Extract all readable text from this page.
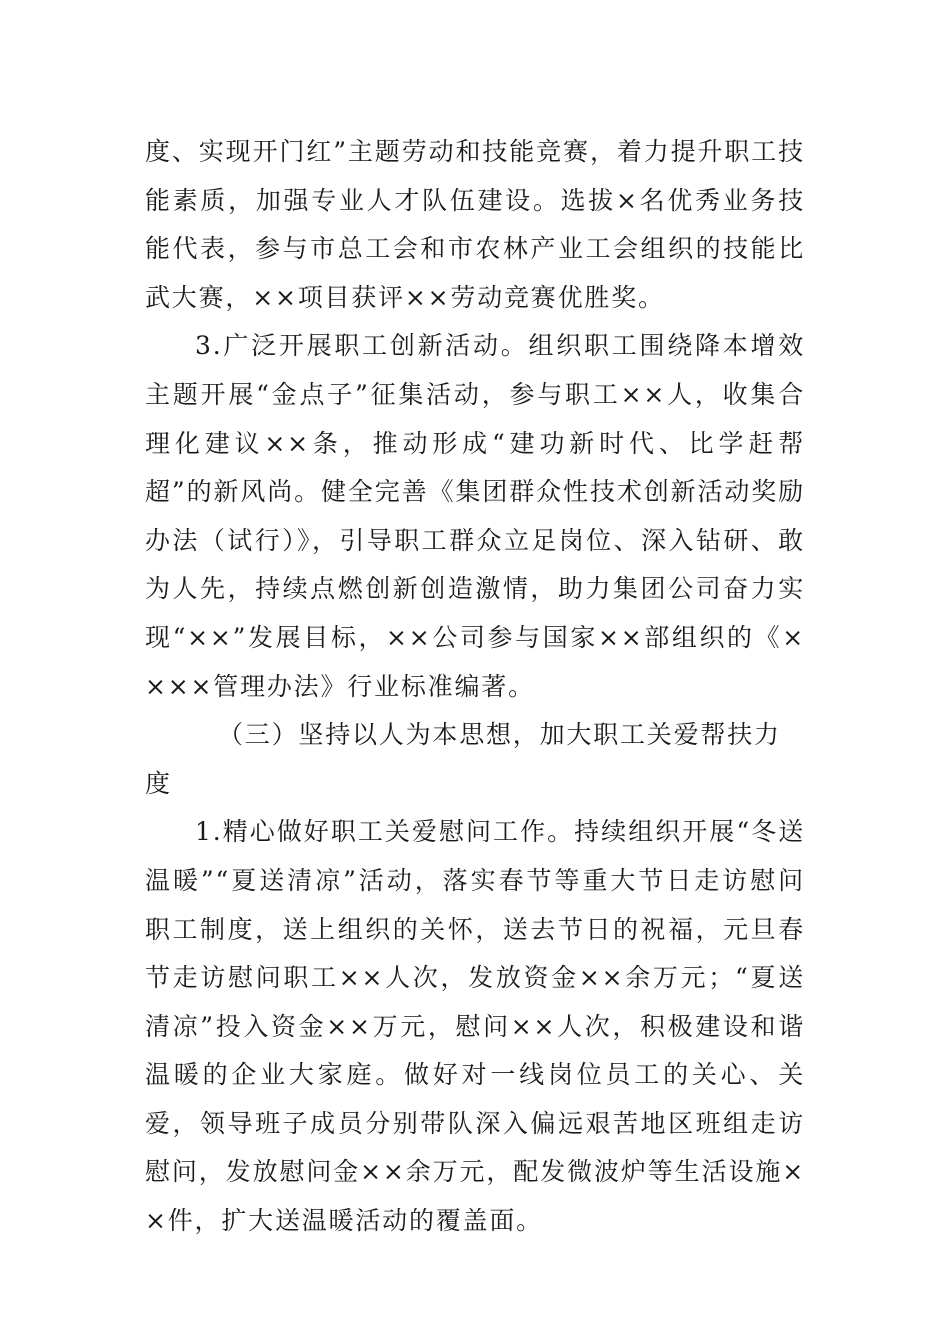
度、实现开门红”主题劳动和技能竞赛，着力提升职工技能素质，加强专业人才队伍建设。选拔×名优秀业务技能代表，参与市总工会和市农林产业工会组织的技能比武大赛，××项目获评××劳动竞赛优胜奖。

3.广泛开展职工创新活动。组织职工围绕降本增效主题开展“金点子”征集活动，参与职工××人，收集合理化建议××条，推动形成“建功新时代、比学赶帮超”的新风尚。健全完善《集团群众性技术创新活动奖励办法（试行）》，引导职工群众立足岗位、深入钻研、敢为人先，持续点燃创新创造激情，助力集团公司奋力实现“××”发展目标，××公司参与国家××部组织的《××××管理办法》行业标准编著。

（三）坚持以人为本思想，加大职工关爱帮扶力度

1.精心做好职工关爱慰问工作。持续组织开展“冬送温暖”“夏送清凉”活动，落实春节等重大节日走访慰问职工制度，送上组织的关怀，送去节日的祝福，元旦春节走访慰问职工××人次，发放资金××余万元；“夏送清凉”投入资金××万元，慰问××人次，积极建设和谐温暖的企业大家庭。做好对一线岗位员工的关心、关爱，领导班子成员分别带队深入偏远艰苦地区班组走访慰问，发放慰问金××余万元，配发微波炉等生活设施××件，扩大送温暖活动的覆盖面。
